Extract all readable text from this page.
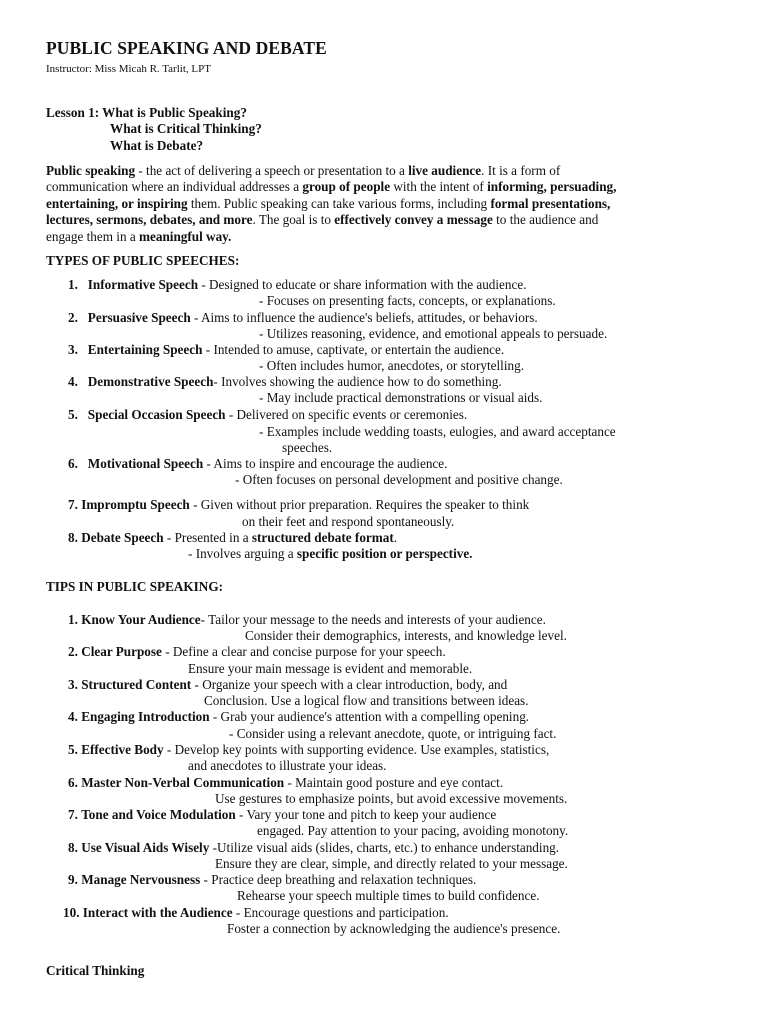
PUBLIC SPEAKING AND DEBATE
Instructor: Miss Micah R. Tarlit, LPT
Lesson 1: What is Public Speaking?
What is Critical Thinking?
What is Debate?
Public speaking - the act of delivering a speech or presentation to a live audience. It is a form of
communication where an individual addresses a group of people with the intent of informing, persuading,
entertaining, or inspiring them. Public speaking can take various forms, including formal presentations,
lectures, sermons, debates, and more. The goal is to effectively convey a message to the audience and
engage them in a meaningful way.
TYPES OF PUBLIC SPEECHES:
1. Informative Speech - Designed to educate or share information with the audience.
- Focuses on presenting facts, concepts, or explanations.
2. Persuasive Speech - Aims to influence the audience's beliefs, attitudes, or behaviors.
- Utilizes reasoning, evidence, and emotional appeals to persuade.
3. Entertaining Speech - Intended to amuse, captivate, or entertain the audience.
- Often includes humor, anecdotes, or storytelling.
4. Demonstrative Speech- Involves showing the audience how to do something.
- May include practical demonstrations or visual aids.
5. Special Occasion Speech - Delivered on specific events or ceremonies.
- Examples include wedding toasts, eulogies, and award acceptance
speeches.
6. Motivational Speech - Aims to inspire and encourage the audience.
- Often focuses on personal development and positive change.
7. Impromptu Speech - Given without prior preparation. Requires the speaker to think
on their feet and respond spontaneously.
8. Debate Speech - Presented in a structured debate format.
- Involves arguing a specific position or perspective.
TIPS IN PUBLIC SPEAKING:
1. Know Your Audience- Tailor your message to the needs and interests of your audience.
Consider their demographics, interests, and knowledge level.
2. Clear Purpose - Define a clear and concise purpose for your speech.
Ensure your main message is evident and memorable.
3. Structured Content - Organize your speech with a clear introduction, body, and
Conclusion. Use a logical flow and transitions between ideas.
4. Engaging Introduction - Grab your audience's attention with a compelling opening.
- Consider using a relevant anecdote, quote, or intriguing fact.
5. Effective Body - Develop key points with supporting evidence. Use examples, statistics,
and anecdotes to illustrate your ideas.
6. Master Non-Verbal Communication - Maintain good posture and eye contact.
Use gestures to emphasize points, but avoid excessive movements.
7. Tone and Voice Modulation - Vary your tone and pitch to keep your audience
engaged. Pay attention to your pacing, avoiding monotony.
8. Use Visual Aids Wisely -Utilize visual aids (slides, charts, etc.) to enhance understanding.
Ensure they are clear, simple, and directly related to your message.
9. Manage Nervousness - Practice deep breathing and relaxation techniques.
Rehearse your speech multiple times to build confidence.
10. Interact with the Audience - Encourage questions and participation.
Foster a connection by acknowledging the audience's presence.
Critical Thinking
